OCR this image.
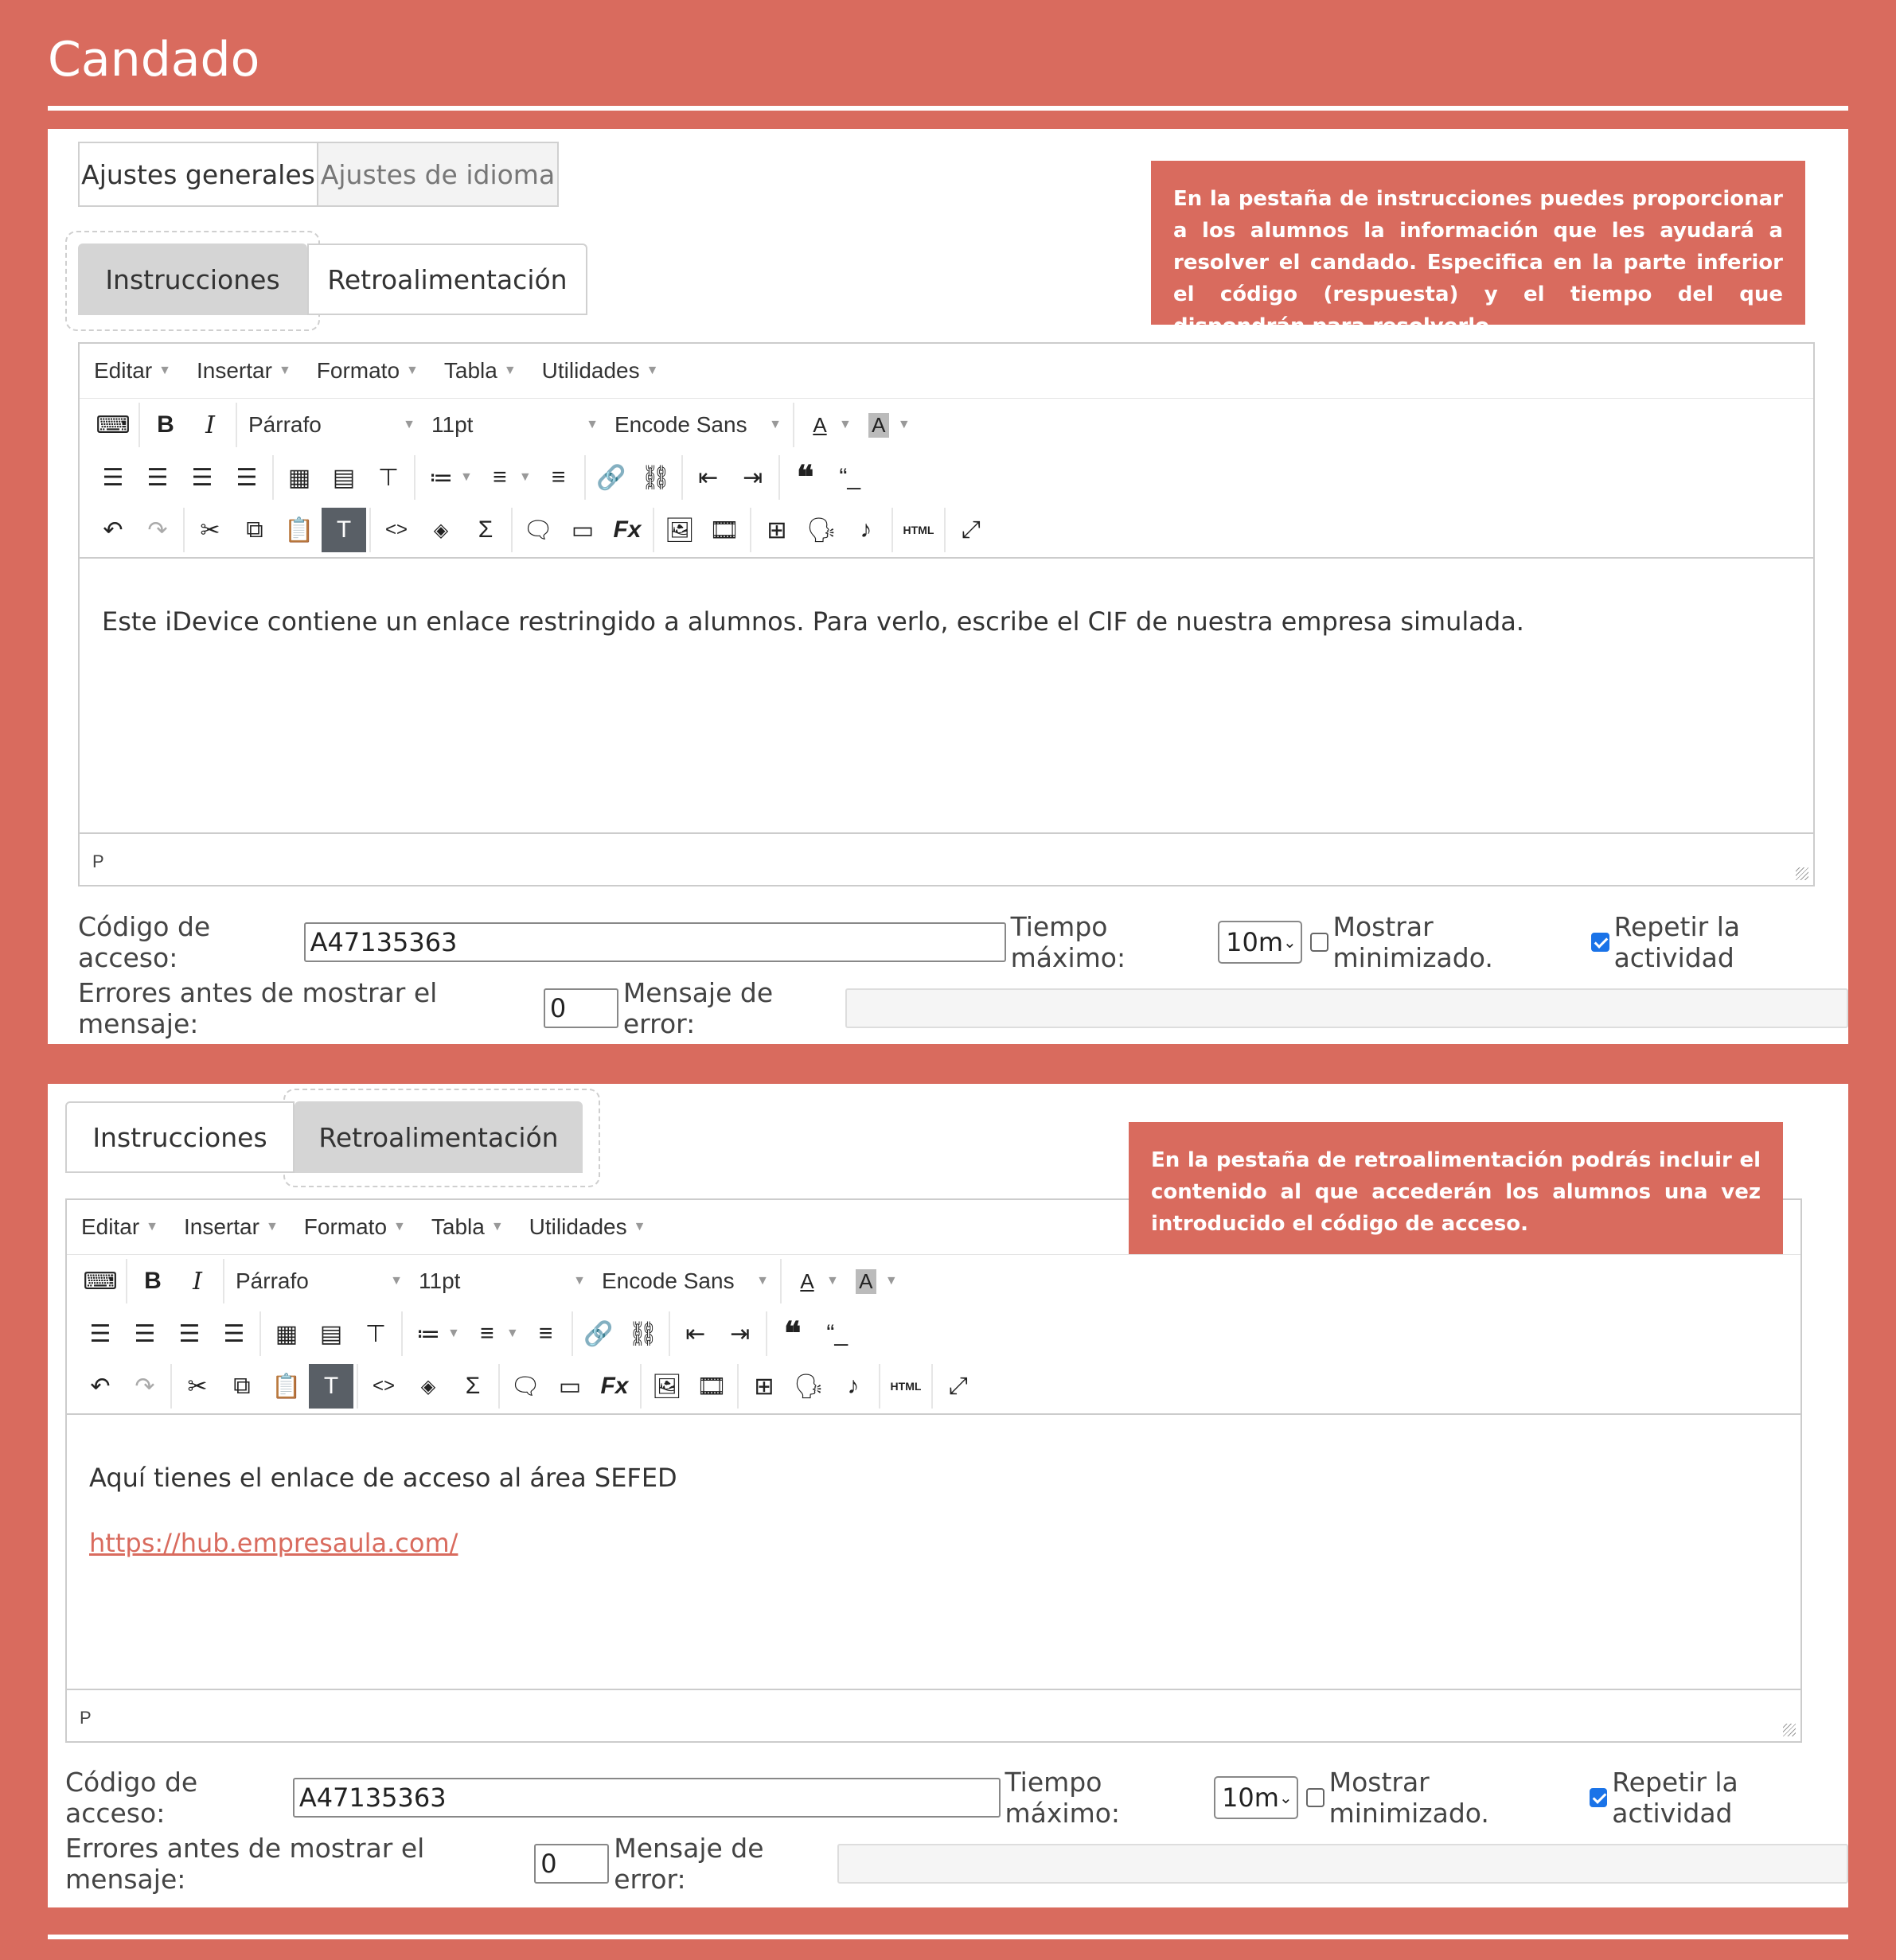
Candado
Ajustes generales Ajustes de idioma
Instrucciones	Retroalimentación
En la pestaña de instrucciones puedes proporcionar a los alumnos la información que les ayudará a resolver el candado. Especifica en la parte inferior el código (respuesta) y el tiempo del que dispondrán para resolverlo
Editar ▼ Insertar ▼ Formato ▼ Tabla ▼ Utilidades ▼
⌨	B	I	Párrafo	▼ 11pt	▼ Encode Sans ▼	A ▼ A ▼
☰ ☰ ☰ ☰	▦ ▤ ⊤	≔ ▼ ≡ ▼ ≡	🔗 ⛓	⇤	⇥	❝	“_
↶	↷	✂	⧉ 📋 T	<>	◈	Σ	🗨 ▭ Fx 🖼 🎞	⊞ 🗣 ♪	HTML	⤢

Este iDevice contiene un enlace restringido a alumnos. Para verlo, escribe el CIF de nuestra empresa simulada.

P
Código de acceso:
A47135363
Tiempo máximo:	10m ⌄ Mostrar minimizado.
Repetir la actividad
Errores antes de mostrar el mensaje:
0
Mensaje de error:
Instrucciones	Retroalimentación
Editar ▼ Insertar ▼ Formato ▼ Tabla ▼ Utilidades ▼
⌨	B	I	Párrafo	▼ 11pt	▼ Encode Sans ▼	A ▼ A ▼
☰ ☰ ☰ ☰	▦ ▤ ⊤	≔ ▼ ≡ ▼ ≡	🔗 ⛓	⇤	⇥	❝	“_
↶	↷	✂	⧉ 📋 T	<>	◈	Σ	🗨 ▭ Fx 🖼 🎞	⊞ 🗣 ♪	HTML	⤢

Aquí tienes el enlace de acceso al área SEFED

https://hub.empresaula.com/

P
En la pestaña de retroalimentación podrás incluir el contenido al que accederán los alumnos una vez introducido el código de acceso.
Código de acceso:
A47135363
Tiempo máximo:	10m ⌄ Mostrar minimizado.
Repetir la actividad
Errores antes de mostrar el mensaje:
0
Mensaje de error:
